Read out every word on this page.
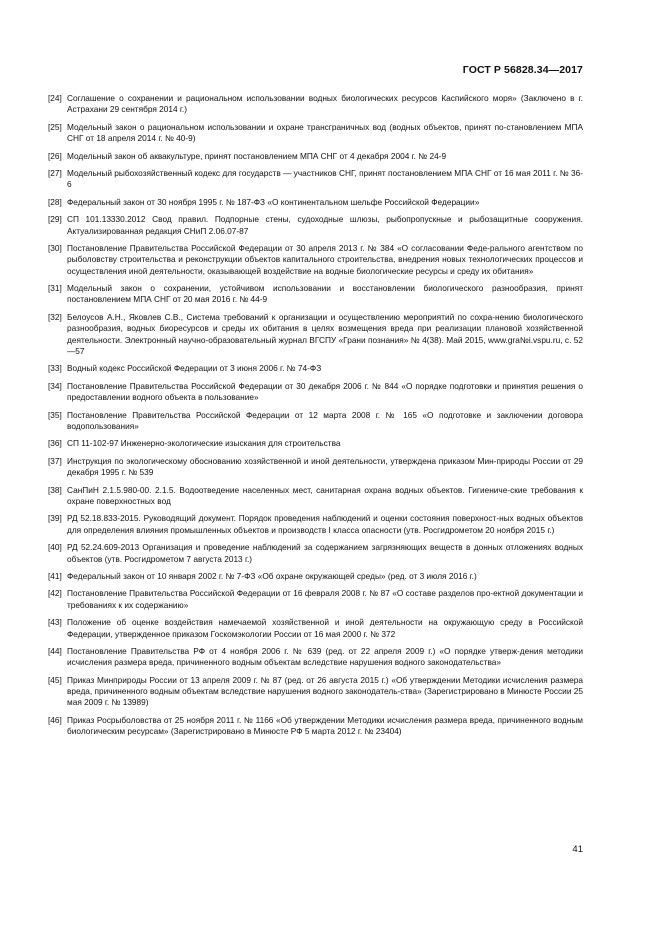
ГОСТ Р 56828.34—2017
[24] Соглашение о сохранении и рациональном использовании водных биологических ресурсов Каспийского моря» (Заключено в г. Астрахани 29 сентября 2014 г.)
[25] Модельный закон о рациональном использовании и охране трансграничных вод (водных объектов, принят по-становлением МПА СНГ от 18 апреля 2014 г. № 40-9)
[26] Модельный закон об аквакультуре, принят постановлением МПА СНГ от 4 декабря 2004 г. № 24-9
[27] Модельный рыбохозяйственный кодекс для государств — участников СНГ, принят постановлением МПА СНГ от 16 мая 2011 г. № 36-6
[28] Федеральный закон от 30 ноября 1995 г. № 187-ФЗ «О континентальном шельфе Российской Федерации»
[29] СП 101.13330.2012 Свод правил. Подпорные стены, судоходные шлюзы, рыбопропускные и рыбозащитные сооружения. Актуализированная редакция СНиП 2.06.07-87
[30] Постановление Правительства Российской Федерации от 30 апреля 2013 г. № 384 «О согласовании Феде-рального агентством по рыболовству строительства и реконструкции объектов капитального строительства, внедрения новых технологических процессов и осуществления иной деятельности, оказывающей воздействие на водные биологические ресурсы и среду их обитания»
[31] Модельный закон о сохранении, устойчивом использовании и восстановлении биологического разнообразия, принят постановлением МПА СНГ от 20 мая 2016 г. № 44-9
[32] Белоусов А.Н., Яковлев С.В., Система требований к организации и осуществлению мероприятий по сохра-нению биологического разнообразия, водных биоресурсов и среды их обитания в целях возмещения вреда при реализации плановой хозяйственной деятельности. Электронный научно-образовательный журнал ВГСПУ «Грани познания» № 4(38). Май 2015, www.gra№i.vspu.ru, с. 52—57
[33] Водный кодекс Российской Федерации от 3 июня 2006 г. № 74-ФЗ
[34] Постановление Правительства Российской Федерации от 30 декабря 2006 г. № 844 «О порядке подготовки и принятия решения о предоставлении водного объекта в пользование»
[35] Постановление Правительства Российской Федерации от 12 марта 2008 г. № 165 «О подготовке и заключении договора водопользования»
[36] СП 11-102-97 Инженерно-экологические изыскания для строительства
[37] Инструкция по экологическому обоснованию хозяйственной и иной деятельности, утверждена приказом Мин-природы России от 29 декабря 1995 г. № 539
[38] СанПиН 2.1.5.980-00. 2.1.5. Водоотведение населенных мест, санитарная охрана водных объектов. Гигиениче-ские требования к охране поверхностных вод
[39] РД 52.18.833-2015. Руководящий документ. Порядок проведения наблюдений и оценки состояния поверхност-ных водных объектов для определения влияния промышленных объектов и производств I класса опасности (утв. Росгидрометом 20 ноября 2015 г.)
[40] РД 52.24.609-2013 Организация и проведение наблюдений за содержанием загрязняющих веществ в донных отложениях водных объектов (утв. Росгидрометом 7 августа 2013 г.)
[41] Федеральный закон от 10 января 2002 г. № 7-ФЗ «Об охране окружающей среды» (ред. от 3 июля 2016 г.)
[42] Постановление Правительства Российской Федерации от 16 февраля 2008 г. № 87 «О составе разделов про-ектной документации и требованиях к их содержанию»
[43] Положение об оценке воздействия намечаемой хозяйственной и иной деятельности на окружающую среду в Российской Федерации, утвержденное приказом Госкомэкологии России от 16 мая 2000 г. № 372
[44] Постановление Правительства РФ от 4 ноября 2006 г. № 639 (ред. от 22 апреля 2009 г.) «О порядке утверж-дения методики исчисления размера вреда, причиненного водным объектам вследствие нарушения водного законодательства»
[45] Приказ Минприроды России от 13 апреля 2009 г. № 87 (ред. от 26 августа 2015 г.) «Об утверждении Методики исчисления размера вреда, причиненного водным объектам вследствие нарушения водного законодатель-ства» (Зарегистрировано в Минюсте России 25 мая 2009 г. № 13989)
[46] Приказ Росрыболовства от 25 ноября 2011 г. № 1166 «Об утверждении Методики исчисления размера вреда, причиненного водным биологическим ресурсам» (Зарегистрировано в Минюсте РФ 5 марта 2012 г. № 23404)
41
